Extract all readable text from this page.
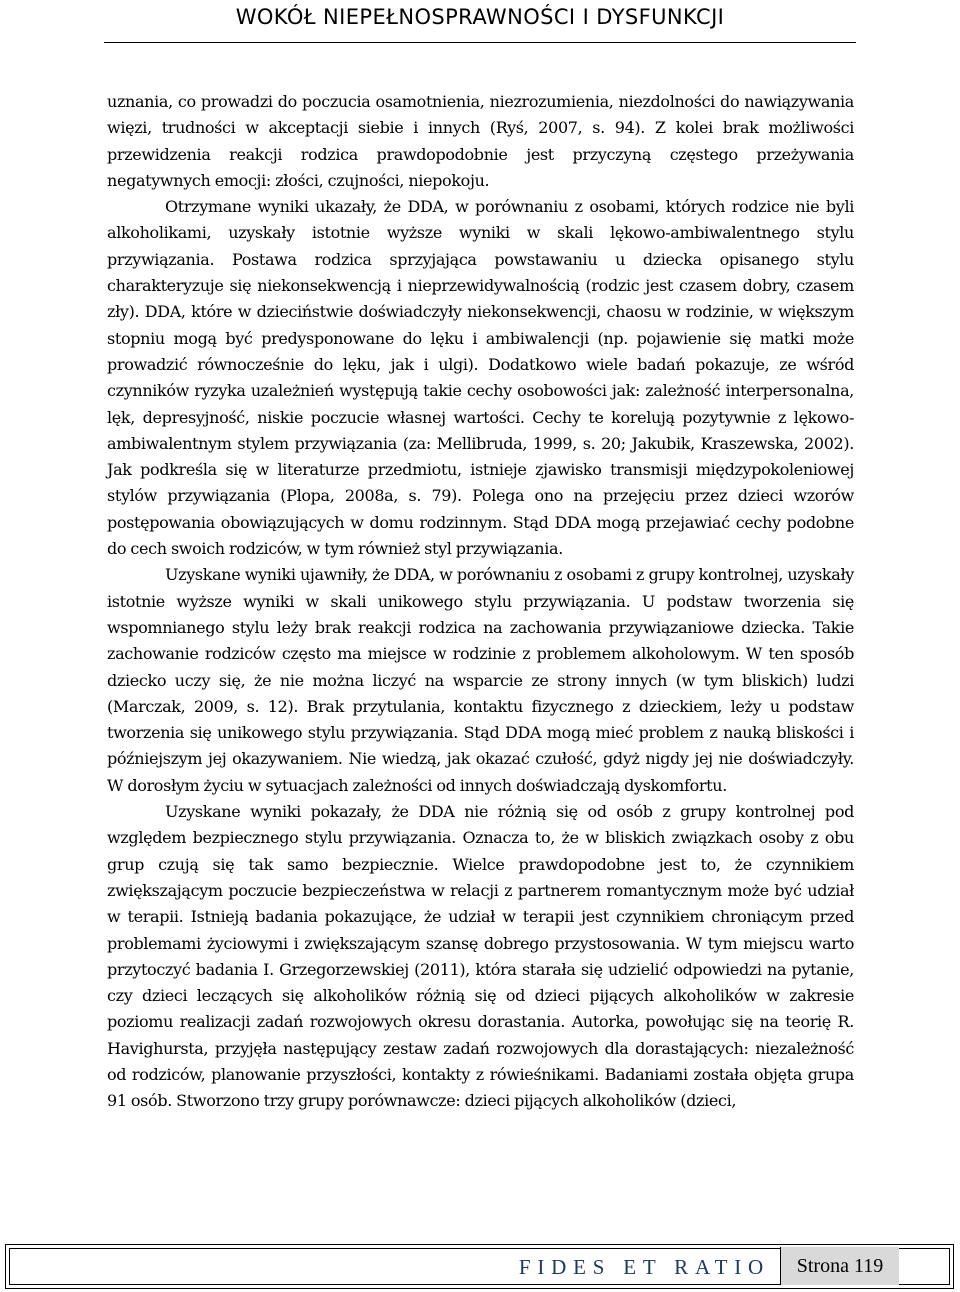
WOKÓŁ NIEPEŁNOSPRAWNOŚCI I DYSFUNKCJI

uznania, co prowadzi do poczucia osamotnienia, niezrozumienia, niezdolności do nawiązywania więzi, trudności w akceptacji siebie i innych (Ryś, 2007, s. 94). Z kolei brak możliwości przewidzenia reakcji rodzica prawdopodobnie jest przyczyną częstego przeżywania negatywnych emocji: złości, czujności, niepokoju.

Otrzymane wyniki ukazały, że DDA, w porównaniu z osobami, których rodzice nie byli alkoholikami, uzyskały istotnie wyższe wyniki w skali lękowo-ambiwalentnego stylu przywiązania. Postawa rodzica sprzyjająca powstawaniu u dziecka opisanego stylu charakteryzuje się niekonsekwencją i nieprzewidywalnością (rodzic jest czasem dobry, czasem zły). DDA, które w dzieciństwie doświadczyły niekonsekwencji, chaosu w rodzinie, w większym stopniu mogą być predysponowane do lęku i ambiwalencji (np. pojawienie się matki może prowadzić równocześnie do lęku, jak i ulgi). Dodatkowo wiele badań pokazuje, ze wśród czynników ryzyka uzależnień występują takie cechy osobowości jak: zależność interpersonalna, lęk, depresyjność, niskie poczucie własnej wartości. Cechy te korelują pozytywnie z lękowo-ambiwalentnym stylem przywiązania (za: Mellibruda, 1999, s. 20; Jakubik, Kraszewska, 2002). Jak podkreśla się w literaturze przedmiotu, istnieje zjawisko transmisji międzypokoleniowej stylów przywiązania (Plopa, 2008a, s. 79). Polega ono na przejęciu przez dzieci wzorów postępowania obowiązujących w domu rodzinnym. Stąd DDA mogą przejawiać cechy podobne do cech swoich rodziców, w tym również styl przywiązania.

Uzyskane wyniki ujawniły, że DDA, w porównaniu z osobami z grupy kontrolnej, uzyskały istotnie wyższe wyniki w skali unikowego stylu przywiązania. U podstaw tworzenia się wspomnianego stylu leży brak reakcji rodzica na zachowania przywiązaniowe dziecka. Takie zachowanie rodziców często ma miejsce w rodzinie z problemem alkoholowym. W ten sposób dziecko uczy się, że nie można liczyć na wsparcie ze strony innych (w tym bliskich) ludzi (Marczak, 2009, s. 12). Brak przytulania, kontaktu fizycznego z dzieckiem, leży u podstaw tworzenia się unikowego stylu przywiązania. Stąd DDA mogą mieć problem z nauką bliskości i późniejszym jej okazywaniem. Nie wiedzą, jak okazać czułość, gdyż nigdy jej nie doświadczyły. W dorosłym życiu w sytuacjach zależności od innych doświadczają dyskomfortu.

Uzyskane wyniki pokazały, że DDA nie różnią się od osób z grupy kontrolnej pod względem bezpiecznego stylu przywiązania. Oznacza to, że w bliskich związkach osoby z obu grup czują się tak samo bezpiecznie. Wielce prawdopodobne jest to, że czynnikiem zwiększającym poczucie bezpieczeństwa w relacji z partnerem romantycznym może być udział w terapii. Istnieją badania pokazujące, że udział w terapii jest czynnikiem chroniącym przed problemami życiowymi i zwiększającym szansę dobrego przystosowania. W tym miejscu warto przytoczyć badania I. Grzegorzewskiej (2011), która starała się udzielić odpowiedzi na pytanie, czy dzieci leczących się alkoholików różnią się od dzieci pijących alkoholików w zakresie poziomu realizacji zadań rozwojowych okresu dorastania. Autorka, powołując się na teorię R. Havighursta, przyjęła następujący zestaw zadań rozwojowych dla dorastających: niezależność od rodziców, planowanie przyszłości, kontakty z rówieśnikami. Badaniami została objęta grupa 91 osób. Stworzono trzy grupy porównawcze: dzieci pijących alkoholików (dzieci,

FIDES ET RATIO	Strona 119
